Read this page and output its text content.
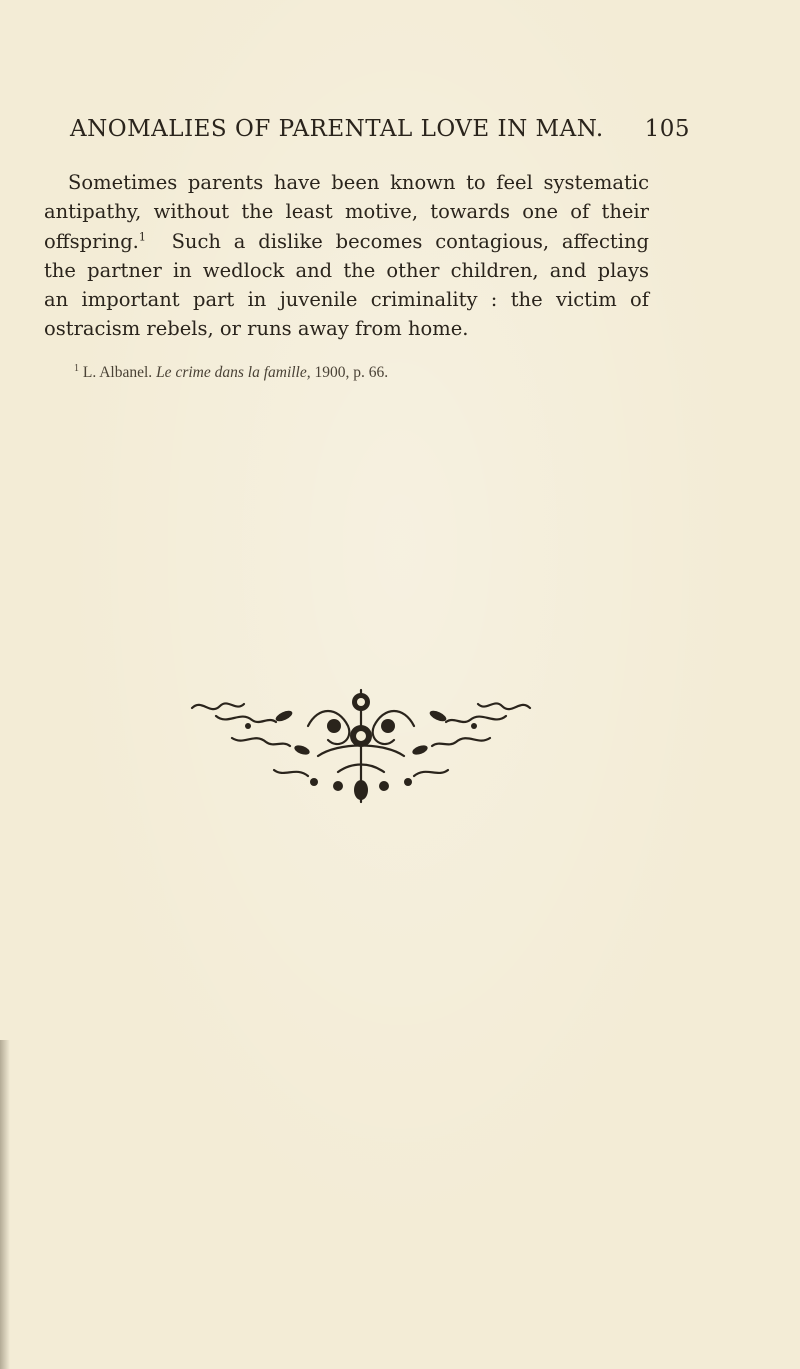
ANOMALIES OF PARENTAL LOVE IN MAN. 105
Sometimes parents have been known to feel systematic
antipathy, without the least motive, towards one of their
offspring.$^1$ Such a dislike becomes contagious, affecting
the partner in wedlock and the other children, and plays
an important part in juvenile criminality : the victim of
ostracism rebels, or runs away from home.
$^1$ L. Albanel. Le crime dans la famille, 1900, p. 66.
